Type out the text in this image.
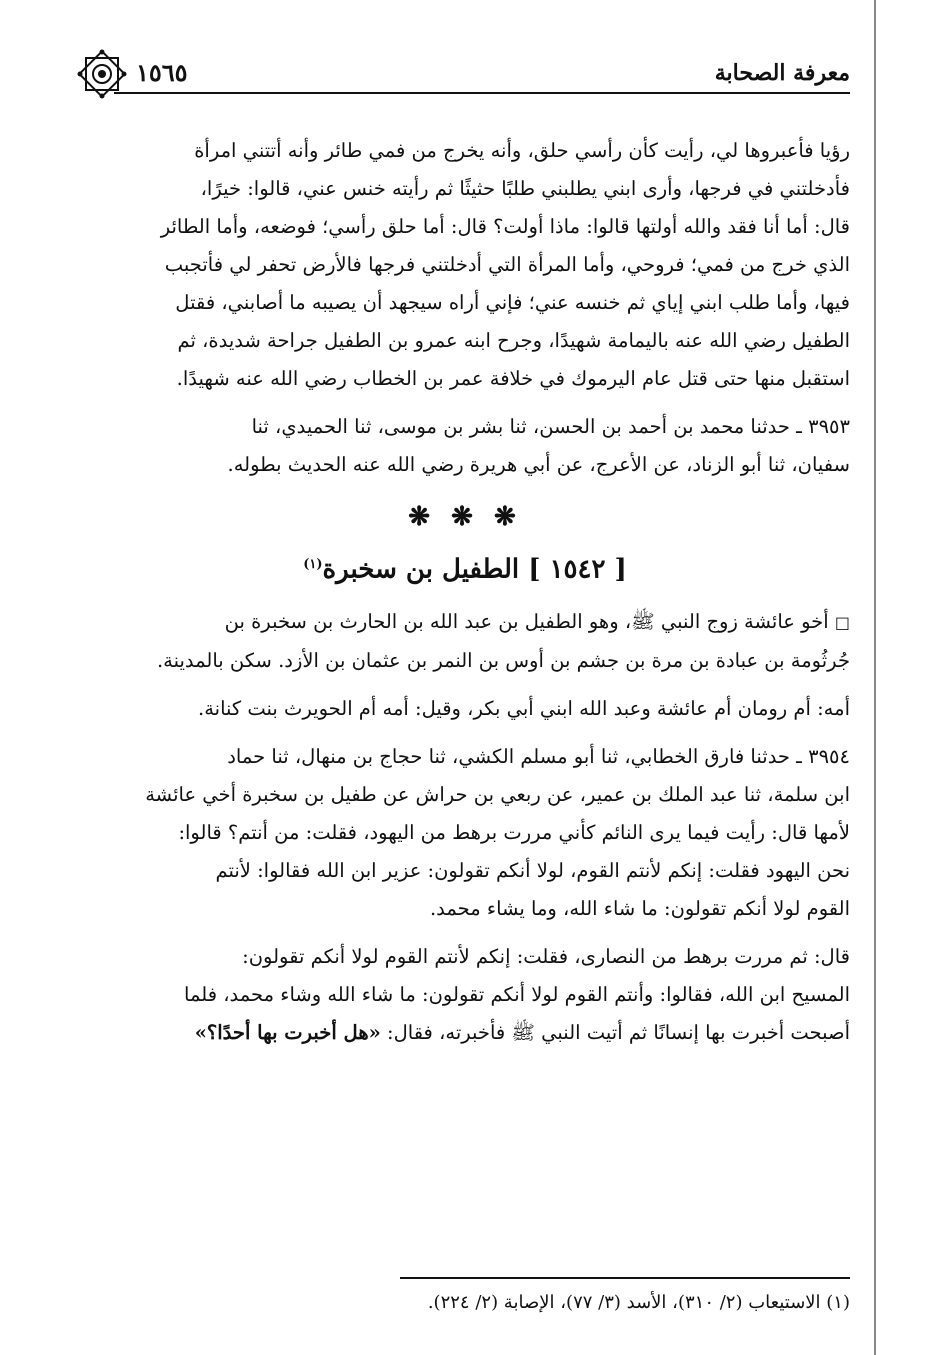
١٥٦٥	معرفة الصحابة

رؤيا فأعبروها لي، رأيت كأن رأسي حلق، وأنه يخرج من فمي طائر وأنه أتتني امرأة

فأدخلتني في فرجها، وأرى ابني يطلبني طلبًا حثيثًا ثم رأيته خنس عني، قالوا: خيرًا،

قال: أما أنا فقد والله أولتها قالوا: ماذا أولت؟ قال: أما حلق رأسي؛ فوضعه، وأما الطائر

الذي خرج من فمي؛ فروحي، وأما المرأة التي أدخلتني فرجها فالأرض تحفر لي فأتجبب

فيها، وأما طلب ابني إياي ثم خنسه عني؛ فإني أراه سيجهد أن يصيبه ما أصابني، فقتل

الطفيل رضي الله عنه باليمامة شهيدًا، وجرح ابنه عمرو بن الطفيل جراحة شديدة، ثم

استقبل منها حتى قتل عام اليرموك في خلافة عمر بن الخطاب رضي الله عنه شهيدًا.

٣٩٥٣ ـ حدثنا محمد بن أحمد بن الحسن، ثنا بشر بن موسى، ثنا الحميدي، ثنا

سفيان، ثنا أبو الزناد، عن الأعرج، عن أبي هريرة رضي الله عنه الحديث بطوله.

❋ ❋ ❋
[ ١٥٤٢ ] الطفيل بن سخبرة$^{(١)}$

□ أخو عائشة زوج النبي ﷺ، وهو الطفيل بن عبد الله بن الحارث بن سخبرة بن

جُرثُومة بن عبادة بن مرة بن جشم بن أوس بن النمر بن عثمان بن الأزد. سكن بالمدينة.

أمه: أم رومان أم عائشة وعبد الله ابني أبي بكر، وقيل: أمه أم الحويرث بنت كنانة.

٣٩٥٤ ـ حدثنا فارق الخطابي، ثنا أبو مسلم الكشي، ثنا حجاج بن منهال، ثنا حماد

ابن سلمة، ثنا عبد الملك بن عمير، عن ربعي بن حراش عن طفيل بن سخبرة أخي عائشة

لأمها قال: رأيت فيما يرى النائم كأني مررت برهط من اليهود، فقلت: من أنتم؟ قالوا:

نحن اليهود فقلت: إنكم لأنتم القوم، لولا أنكم تقولون: عزير ابن الله فقالوا: لأنتم

القوم لولا أنكم تقولون: ما شاء الله، وما يشاء محمد.

قال: ثم مررت برهط من النصارى، فقلت: إنكم لأنتم القوم لولا أنكم تقولون:

المسيح ابن الله، فقالوا: وأنتم القوم لولا أنكم تقولون: ما شاء الله وشاء محمد، فلما

أصبحت أخبرت بها إنسانًا ثم أتيت النبي ﷺ فأخبرته، فقال: «هل أخبرت بها أحدًا؟»

(١) الاستيعاب (٢/ ٣١٠)، الأسد (٣/ ٧٧)، الإصابة (٢/ ٢٢٤).
